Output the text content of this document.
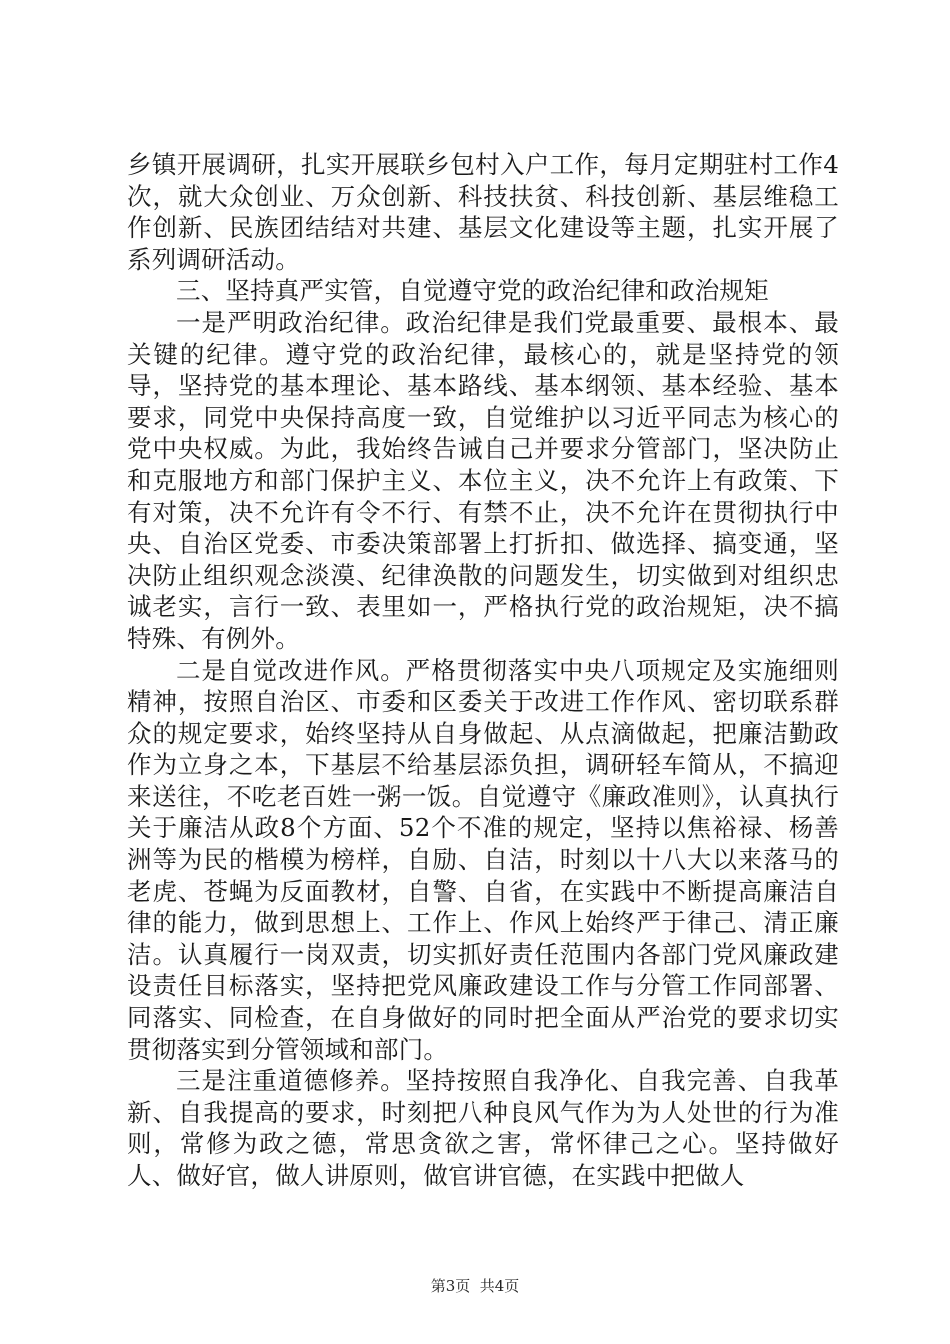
乡镇开展调研，扎实开展联乡包村入户工作，每月定期驻村工作4次，就大众创业、万众创新、科技扶贫、科技创新、基层维稳工作创新、民族团结结对共建、基层文化建设等主题，扎实开展了系列调研活动。

三、坚持真严实管，自觉遵守党的政治纪律和政治规矩

一是严明政治纪律。政治纪律是我们党最重要、最根本、最关键的纪律。遵守党的政治纪律，最核心的，就是坚持党的领导，坚持党的基本理论、基本路线、基本纲领、基本经验、基本要求，同党中央保持高度一致，自觉维护以习近平同志为核心的党中央权威。为此，我始终告诫自己并要求分管部门，坚决防止和克服地方和部门保护主义、本位主义，决不允许上有政策、下有对策，决不允许有令不行、有禁不止，决不允许在贯彻执行中央、自治区党委、市委决策部署上打折扣、做选择、搞变通，坚决防止组织观念淡漠、纪律涣散的问题发生，切实做到对组织忠诚老实，言行一致、表里如一，严格执行党的政治规矩，决不搞特殊、有例外。

二是自觉改进作风。严格贯彻落实中央八项规定及实施细则精神，按照自治区、市委和区委关于改进工作作风、密切联系群众的规定要求，始终坚持从自身做起、从点滴做起，把廉洁勤政作为立身之本，下基层不给基层添负担，调研轻车简从，不搞迎来送往，不吃老百姓一粥一饭。自觉遵守《廉政准则》，认真执行关于廉洁从政8个方面、52个不准的规定，坚持以焦裕禄、杨善洲等为民的楷模为榜样，自励、自洁，时刻以十八大以来落马的老虎、苍蝇为反面教材，自警、自省，在实践中不断提高廉洁自律的能力，做到思想上、工作上、作风上始终严于律己、清正廉洁。认真履行一岗双责，切实抓好责任范围内各部门党风廉政建设责任目标落实，坚持把党风廉政建设工作与分管工作同部署、同落实、同检查，在自身做好的同时把全面从严治党的要求切实贯彻落实到分管领域和部门。

三是注重道德修养。坚持按照自我净化、自我完善、自我革新、自我提高的要求，时刻把八种良风气作为为人处世的行为准则，常修为政之德，常思贪欲之害，常怀律己之心。坚持做好人、做好官，做人讲原则，做官讲官德，在实践中把做人

第3页  共4页
